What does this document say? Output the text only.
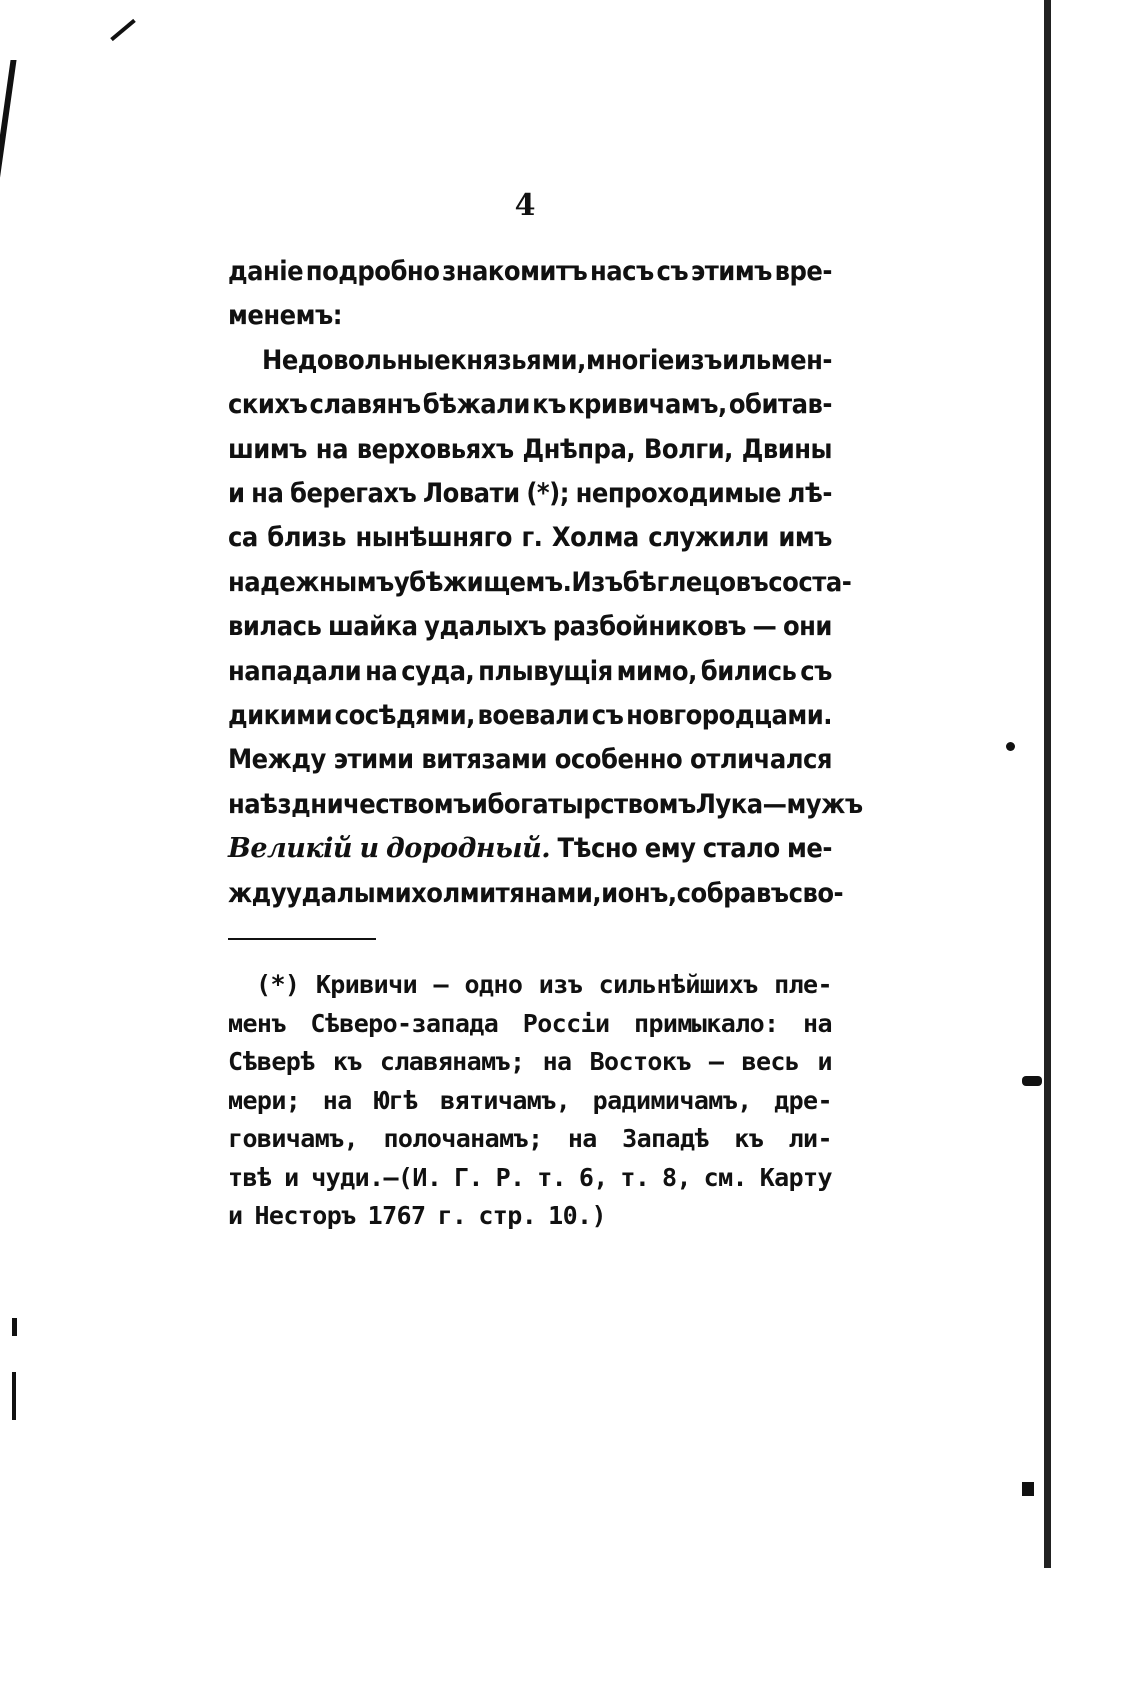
4
данiе подробно знакомитъ насъ съ этимъ вре-
менемъ:
Недовольные князьями, многiе изъ ильмен-
скихъ славянъ бѣжали къ кривичамъ, обитав-
шимъ на верховьяхъ Днѣпра, Волги, Двины
и на берегахъ Ловати (*); непроходимые лѣ-
са близь нынѣшняго г. Холма служили имъ
надежнымъ убѣжищемъ. Изъ бѣглецовъ соста-
вилась шайка удалыхъ разбойниковъ — они
нападали на суда, плывущiя мимо, бились съ
дикими сосѣдями, воевали съ новгородцами.
Между этими витязами особенно отличался
наѣздничествомъ и богатырствомъ Лука—мужъ
Великiй и дородный. Тѣсно ему стало ме-
жду удалыми холмитянами, и онъ, собравъ сво-
(*) Кривичи — одно изъ сильнѣйшихъ пле-
менъ Сѣверо-запада Россiи примыкало: на
Сѣверѣ къ славянамъ; на Востокъ — весь и
мери; на Югѣ вятичамъ, радимичамъ, дре-
говичамъ, полочанамъ; на Западѣ къ ли-
твѣ и чуди.—(И. Г. Р. т. 6, т. 8, см. Карту
и Несторъ 1767 г. стр. 10.)
